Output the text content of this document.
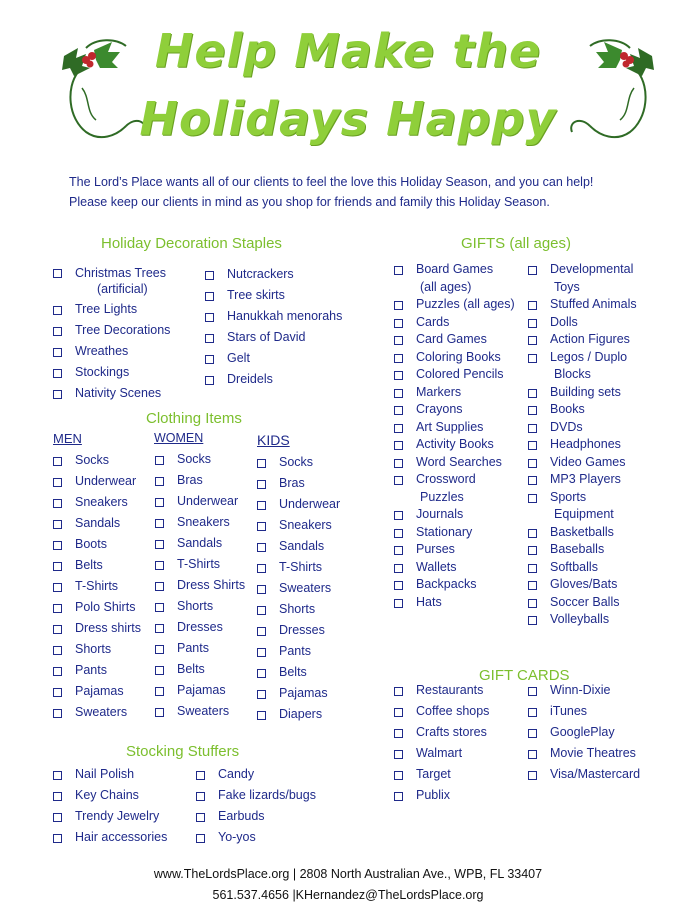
Help Make the
Holidays Happy
The Lord’s Place wants all of our clients to feel the love this Holiday Season, and you can help!
Please keep our clients in mind as you shop for friends and family this Holiday Season.
Holiday Decoration Staples
Christmas Trees
(artificial)
Tree Lights
Tree Decorations
Wreathes
Stockings
Nativity Scenes
Nutcrackers
Tree skirts
Hanukkah menorahs
Stars of David
Gelt
Dreidels
Clothing Items
MEN	WOMEN	KIDS
Socks
Underwear
Sneakers
Sandals
Boots
Belts
T-Shirts
Polo Shirts
Dress shirts
Shorts
Pants
Pajamas
Sweaters
Socks
Bras
Underwear
Sneakers
Sandals
T-Shirts
Dress Shirts
Shorts
Dresses
Pants
Belts
Pajamas
Sweaters
Socks
Bras
Underwear
Sneakers
Sandals
T-Shirts
Sweaters
Shorts
Dresses
Pants
Belts
Pajamas
Diapers
Stocking Stuffers
Nail Polish
Key Chains
Trendy Jewelry
Hair accessories
Candy
Fake lizards/bugs
Earbuds
Yo-yos
GIFTS (all ages)
Board Games
(all ages)
Puzzles (all ages)
Cards
Card Games
Coloring Books
Colored Pencils
Markers
Crayons
Art Supplies
Activity Books
Word Searches
Crossword
Puzzles
Journals
Stationary
Purses
Wallets
Backpacks
Hats
Developmental
Toys
Stuffed Animals
Dolls
Action Figures
Legos / Duplo
Blocks
Building sets
Books
DVDs
Headphones
Video Games
MP3 Players
Sports
Equipment
Basketballs
Baseballs
Softballs
Gloves/Bats
Soccer Balls
Volleyballs
GIFT CARDS
Restaurants
Coffee shops
Crafts stores
Walmart
Target
Publix
Winn-Dixie
iTunes
GooglePlay
Movie Theatres
Visa/Mastercard
www.TheLordsPlace.org | 2808 North Australian Ave., WPB, FL 33407
561.537.4656 |KHernandez@TheLordsPlace.org
